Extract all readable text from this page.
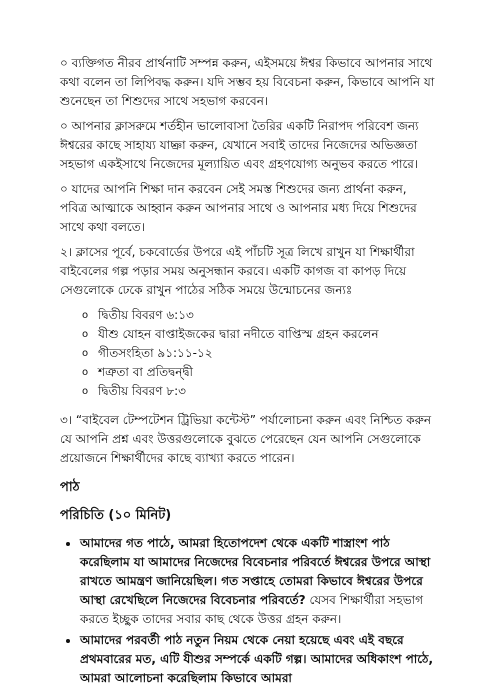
০ ব্যক্তিগত নীরব প্রার্থনাটি সম্পন্ন করুন, এইসময়ে ঈশ্বর কিভাবে আপনার সাথে কথা বলেন তা লিপিবদ্ধ করুন। যদি সম্ভব হয় বিবেচনা করুন, কিভাবে আপনি যা শুনেছেন তা শিশুদের সাথে সহভাগ করবেন।

০ আপনার ক্লাসরুমে শর্তহীন ভালোবাসা তৈরির একটি নিরাপদ পরিবেশ জন্য ঈশ্বরের কাছে সাহায্য যাচ্ঞা করুন, যেখানে সবাই তাদের নিজেদের অভিজ্ঞতা সহভাগ একইসাথে নিজেদের মূল্যায়িত এবং গ্রহণযোগ্য অনুভব করতে পারে।

০ যাদের আপনি শিক্ষা দান করবেন সেই সমস্ত শিশুদের জন্য প্রার্থনা করুন, পবিত্র আত্মাকে আহ্বান করুন আপনার সাথে ও আপনার মধ্য দিয়ে শিশুদের সাথে কথা বলতে।

২। ক্লাসের পূর্বে, চকবোর্ডের উপরে এই পাঁচটি সূত্র লিখে রাখুন যা শিক্ষার্থীরা বাইবেলের গল্প পড়ার সময় অনুসন্ধান করবে। একটি কাগজ বা কাপড় দিয়ে সেগুলোকে ঢেকে রাখুন পাঠের সঠিক সময়ে উন্মোচনের জন্যঃ

o দ্বিতীয় বিবরণ ৬:১৩
o যীশু যোহন বাপ্তাইজকের দ্বারা নদীতে বাপ্তিস্ম গ্রহন করলেন
o গীতসংহিতা ৯১:১১-১২
o শত্রুতা বা প্রতিদ্বন্দ্বী
o দ্বিতীয় বিবরণ ৮:৩

৩। “বাইবেল টেম্পটেশন ট্রিভিয়া কন্টেস্ট” পর্যালোচনা করুন এবং নিশ্চিত করুন যে আপনি প্রশ্ন এবং উত্তরগুলোকে বুঝতে পেরেছেন যেন আপনি সেগুলোকে প্রয়োজনে শিক্ষার্থীদের কাছে ব্যাখ্যা করতে পারেন।

পাঠ
পরিচিতি (১০ মিনিট)
• আমাদের গত পাঠে, আমরা হিতোপদেশ থেকে একটি শাস্ত্রাংশ পাঠ করেছিলাম যা আমাদের নিজেদের বিবেচনার পরিবর্তে ঈশ্বরের উপরে আস্থা রাখতে আমন্ত্রণ জানিয়েছিল। গত সপ্তাহে তোমরা কিভাবে ঈশ্বরের উপরে আস্থা রেখেছিলে নিজেদের বিবেচনার পরিবর্তে? যেসব শিক্ষার্থীরা সহভাগ করতে ইচ্ছুক তাদের সবার কাছ থেকে উত্তর গ্রহন করুন।
• আমাদের পরবর্তী পাঠ নতুন নিয়ম থেকে নেয়া হয়েছে এবং এই বছরে প্রথমবারের মত, এটি যীশুর সম্পর্কে একটি গল্প। আমাদের অধিকাংশ পাঠে, আমরা আলোচনা করেছিলাম কিভাবে আমরা
